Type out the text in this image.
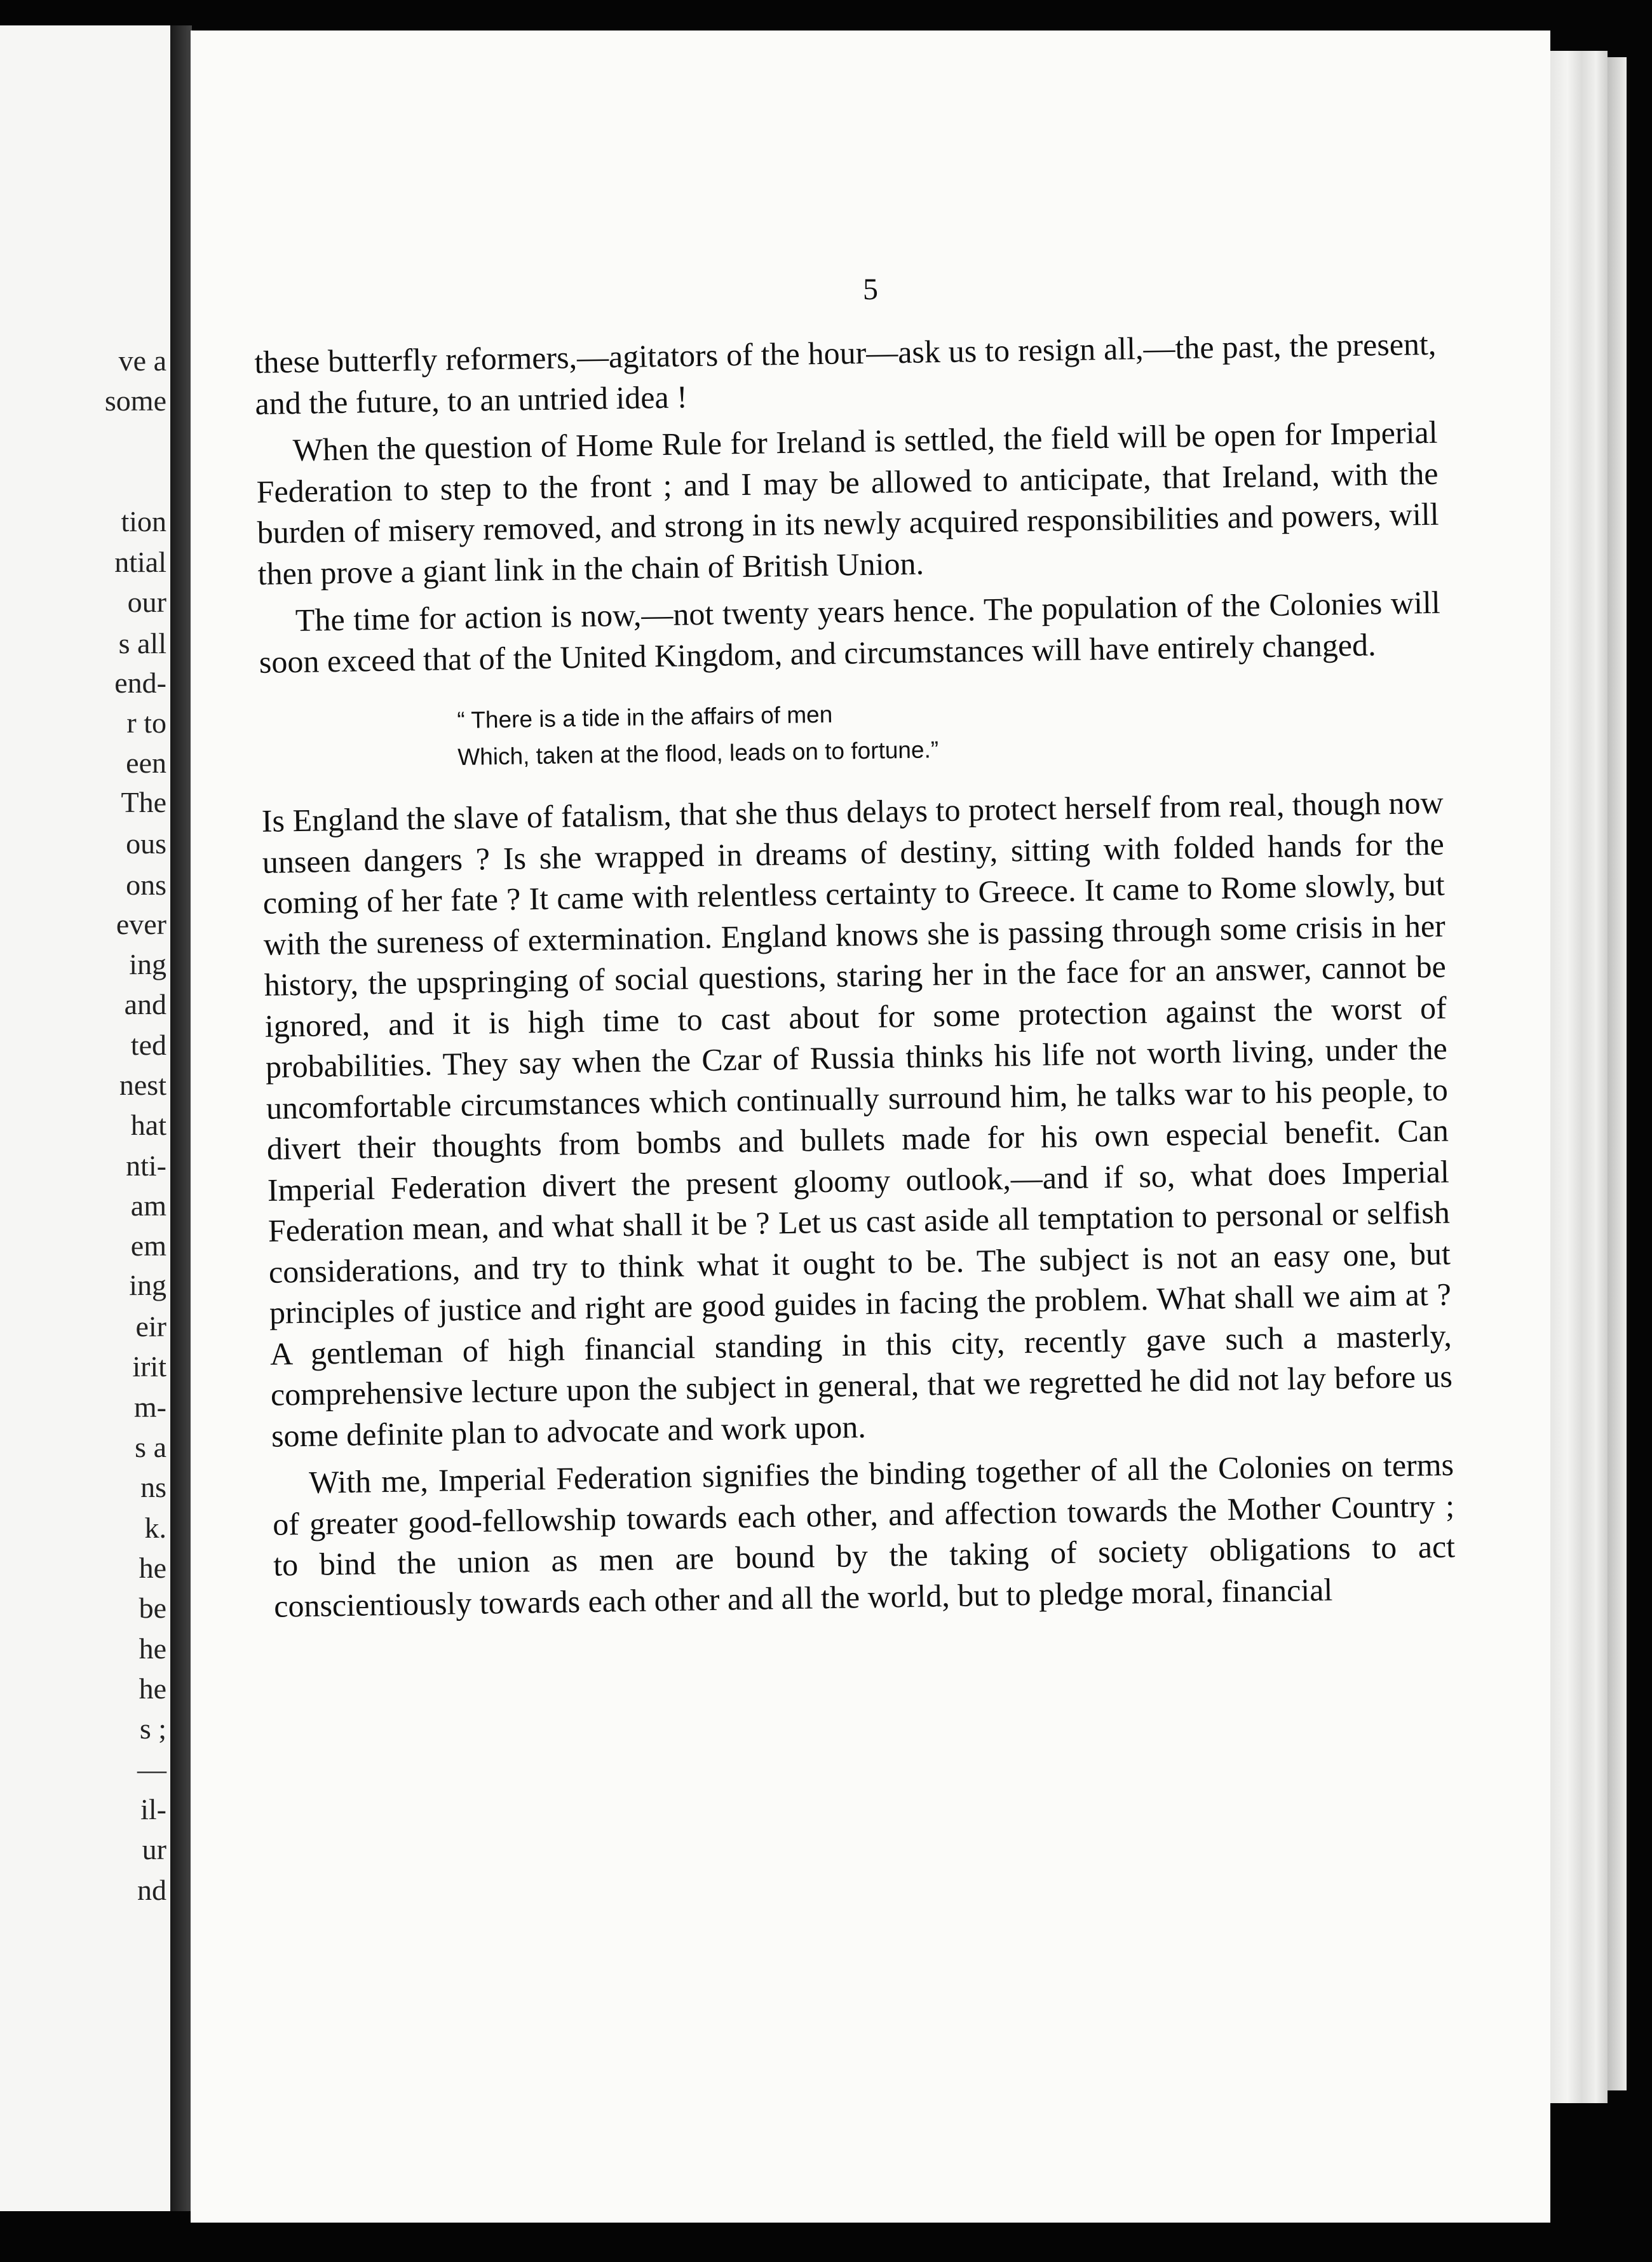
ve a
some
tion
ntial
our
s all
end-
r to
een
The
ous
ons
ever
ing
and
ted
nest
hat
nti-
am
em
ing
eir
irit
m-
s a
ns
k.
he
be
he
he
s ;
—
il-
ur
nd
5

these butterfly reformers,—agitators of the hour—ask us to resign all,—the past, the present, and the future, to an untried idea !

When the question of Home Rule for Ireland is settled, the field will be open for Imperial Federation to step to the front ; and I may be allowed to anticipate, that Ireland, with the burden of misery removed, and strong in its newly acquired responsibilities and powers, will then prove a giant link in the chain of British Union.

The time for action is now,—not twenty years hence. The population of the Colonies will soon exceed that of the United Kingdom, and circumstances will have entirely changed.

“ There is a tide in the affairs of men
Which, taken at the flood, leads on to fortune.”

Is England the slave of fatalism, that she thus delays to protect herself from real, though now unseen dangers ? Is she wrapped in dreams of destiny, sitting with folded hands for the coming of her fate ? It came with relentless certainty to Greece. It came to Rome slowly, but with the sureness of extermination. England knows she is passing through some crisis in her history, the upspringing of social questions, staring her in the face for an answer, cannot be ignored, and it is high time to cast about for some protection against the worst of probabilities. They say when the Czar of Russia thinks his life not worth living, under the uncomfortable circumstances which continually surround him, he talks war to his people, to divert their thoughts from bombs and bullets made for his own especial benefit. Can Imperial Federation divert the present gloomy outlook,—and if so, what does Imperial Federation mean, and what shall it be ? Let us cast aside all temptation to personal or selfish considerations, and try to think what it ought to be. The subject is not an easy one, but principles of justice and right are good guides in facing the problem. What shall we aim at ? A gentleman of high financial standing in this city, recently gave such a masterly, comprehensive lecture upon the subject in general, that we regretted he did not lay before us some definite plan to advocate and work upon.

With me, Imperial Federation signifies the binding together of all the Colonies on terms of greater good-fellowship towards each other, and affection towards the Mother Country ; to bind the union as men are bound by the taking of society obligations to act conscientiously towards each other and all the world, but to pledge moral, financial
